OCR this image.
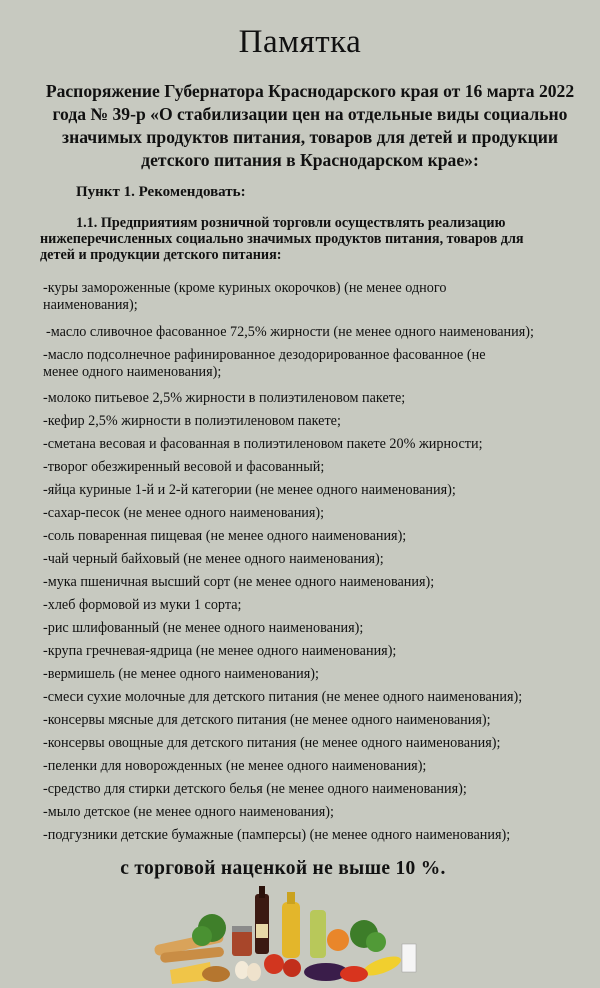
Памятка
Распоряжение Губернатора Краснодарского края от 16 марта 2022 года № 39-р «О стабилизации цен на отдельные виды социально значимых продуктов питания, товаров для детей и продукции детского питания в Краснодарском крае»:
Пункт 1. Рекомендовать:
1.1. Предприятиям розничной торговли осуществлять реализацию
нижеперечисленных социально значимых продуктов питания, товаров для детей и продукции детского питания:
-куры замороженные (кроме куриных окорочков) (не менее одного наименования);
-масло сливочное фасованное 72,5% жирности (не менее одного наименования);
-масло подсолнечное рафинированное дезодорированное фасованное (не менее одного наименования);
-молоко питьевое 2,5% жирности в полиэтиленовом пакете;
-кефир 2,5% жирности в полиэтиленовом пакете;
-сметана весовая и фасованная в полиэтиленовом пакете 20% жирности;
-творог обезжиренный весовой и фасованный;
-яйца куриные 1-й и 2-й категории (не менее одного наименования);
-сахар-песок (не менее одного наименования);
-соль поваренная пищевая (не менее одного наименования);
-чай черный байховый (не менее одного наименования);
-мука пшеничная высший сорт (не менее одного наименования);
-хлеб формовой из муки 1 сорта;
-рис шлифованный (не менее одного наименования);
-крупа гречневая-ядрица (не менее одного наименования);
-вермишель (не менее одного наименования);
-смеси сухие молочные для детского питания (не менее одного наименования);
-консервы мясные для детского питания (не менее одного наименования);
-консервы овощные для детского питания (не менее одного наименования);
-пеленки для новорожденных (не менее одного наименования);
-средство для стирки детского белья (не менее одного наименования);
-мыло детское (не менее одного наименования);
-подгузники детские бумажные (памперсы) (не менее одного наименования);
с торговой наценкой не выше 10 %.
